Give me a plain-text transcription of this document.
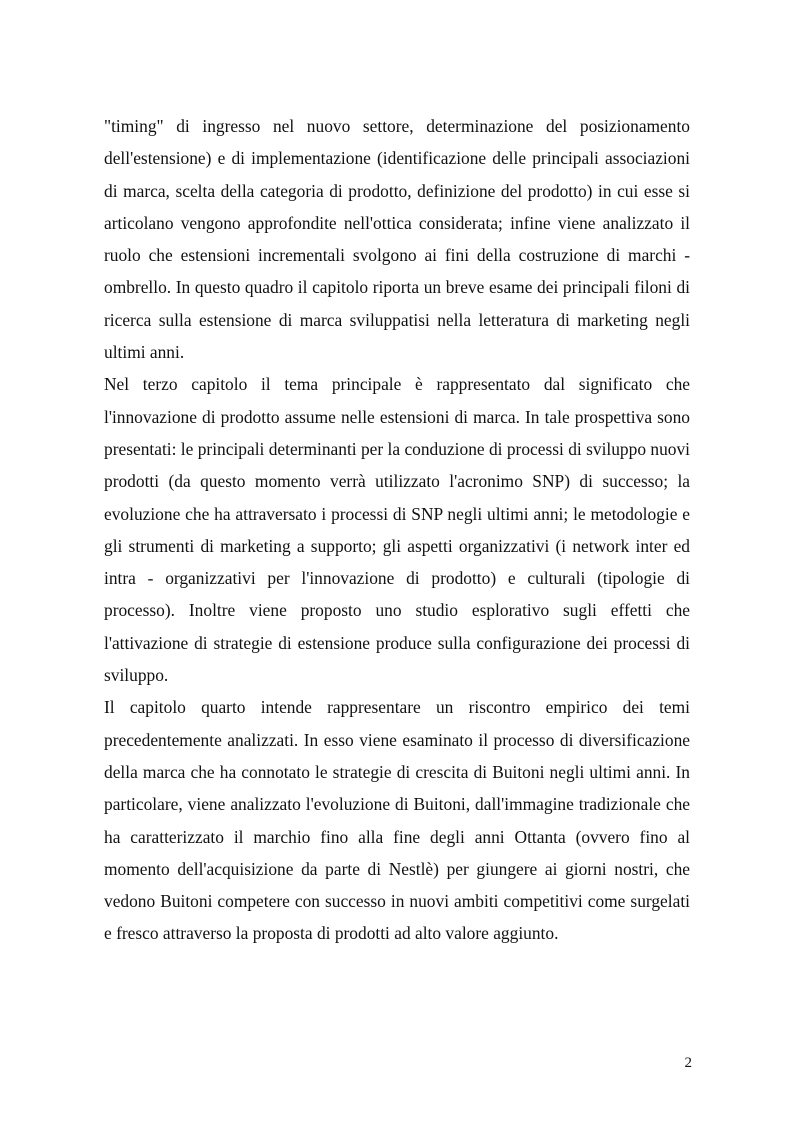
"timing" di ingresso nel nuovo settore, determinazione del posizionamento dell'estensione) e di implementazione (identificazione delle principali associazioni di marca, scelta della categoria di prodotto, definizione del prodotto) in cui esse si articolano vengono approfondite nell'ottica considerata; infine viene analizzato il ruolo che estensioni incrementali svolgono ai fini della costruzione di marchi - ombrello. In questo quadro il capitolo riporta un breve esame dei principali filoni di ricerca sulla estensione di marca sviluppatisi nella letteratura di marketing negli ultimi anni.

Nel terzo capitolo il tema principale è rappresentato dal significato che l'innovazione di prodotto assume nelle estensioni di marca. In tale prospettiva sono presentati: le principali determinanti per la conduzione di processi di sviluppo nuovi prodotti (da questo momento verrà utilizzato l'acronimo SNP) di successo; la evoluzione che ha attraversato i processi di SNP negli ultimi anni; le metodologie e gli strumenti di marketing a supporto; gli aspetti organizzativi (i network inter ed intra - organizzativi per l'innovazione di prodotto) e culturali (tipologie di processo). Inoltre viene proposto uno studio esplorativo sugli effetti che l'attivazione di strategie di estensione produce sulla configurazione dei processi di sviluppo.

Il capitolo quarto intende rappresentare un riscontro empirico dei temi precedentemente analizzati. In esso viene esaminato il processo di diversificazione della marca che ha connotato le strategie di crescita di Buitoni negli ultimi anni. In particolare, viene analizzato l'evoluzione di Buitoni, dall'immagine tradizionale che ha caratterizzato il marchio fino alla fine degli anni Ottanta (ovvero fino al momento dell'acquisizione da parte di Nestlè) per giungere ai giorni nostri, che vedono Buitoni competere con successo in nuovi ambiti competitivi come surgelati e fresco attraverso la proposta di prodotti ad alto valore aggiunto.

2
